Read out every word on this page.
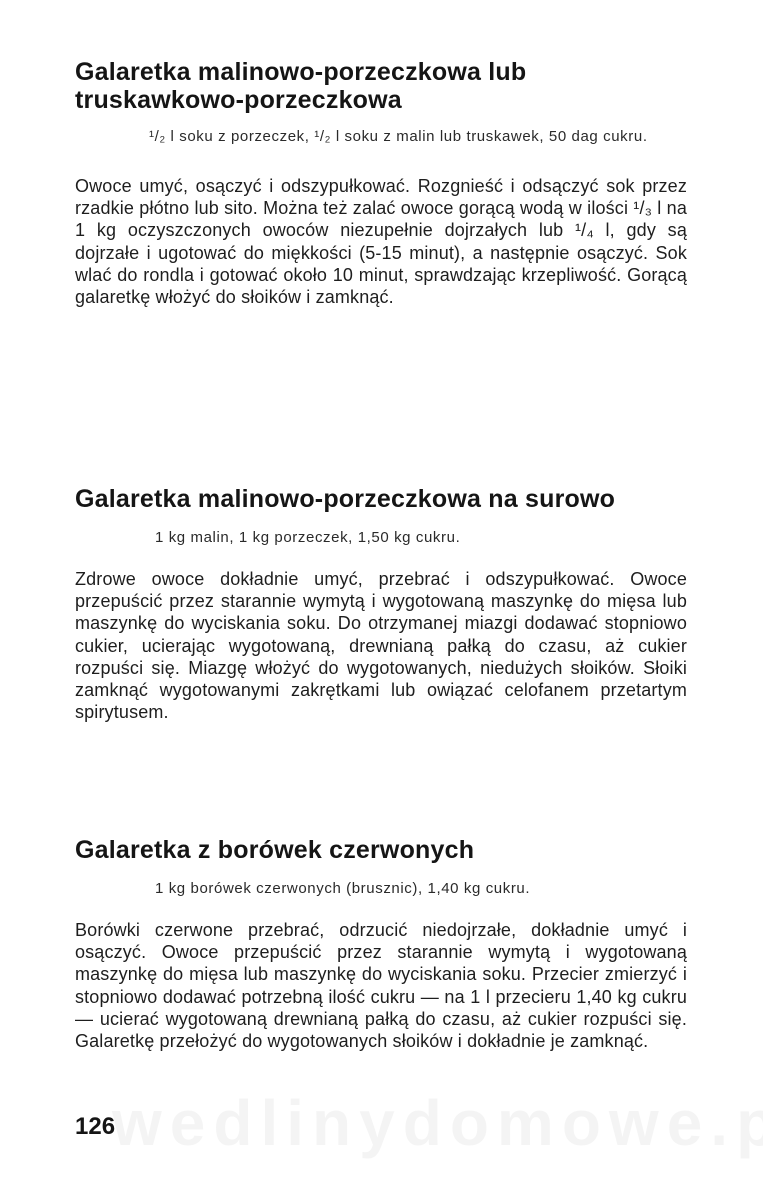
Galaretka malinowo-porzeczkowa lub truskawkowo-porzeczkowa

¹/₂ l soku z porzeczek, ¹/₂ l soku z malin lub truskawek, 50 dag cukru.

Owoce umyć, osączyć i odszypułkować. Rozgnieść i odsączyć sok przez rzadkie płótno lub sito. Można też zalać owoce gorącą wodą w ilości ¹/₃ l na 1 kg oczyszczonych owoców niezupełnie dojrzałych lub ¹/₄ l, gdy są dojrzałe i ugotować do miękkości (5-15 minut), a następnie osączyć. Sok wlać do rondla i gotować około 10 minut, sprawdzając krzepliwość. Gorącą galaretkę włożyć do słoików i zamknąć.

Galaretka malinowo-porzeczkowa na surowo

1 kg malin, 1 kg porzeczek, 1,50 kg cukru.

Zdrowe owoce dokładnie umyć, przebrać i odszypułkować. Owoce przepuścić przez starannie wymytą i wygotowaną maszynkę do mięsa lub maszynkę do wyciskania soku. Do otrzymanej miazgi dodawać stopniowo cukier, ucierając wygotowaną, drewnianą pałką do czasu, aż cukier rozpuści się. Miazgę włożyć do wygotowanych, niedużych słoików. Słoiki zamknąć wygotowanymi zakrętkami lub owiązać celofanem przetartym spirytusem.

Galaretka z borówek czerwonych

1 kg borówek czerwonych (brusznic), 1,40 kg cukru.

Borówki czerwone przebrać, odrzucić niedojrzałe, dokładnie umyć i osączyć. Owoce przepuścić przez starannie wymytą i wygotowaną maszynkę do mięsa lub maszynkę do wyciskania soku. Przecier zmierzyć i stopniowo dodawać potrzebną ilość cukru — na 1 l przecieru 1,40 kg cukru — ucierać wygotowaną drewnianą pałką do czasu, aż cukier rozpuści się. Galaretkę przełożyć do wygotowanych słoików i dokładnie je zamknąć.

126
